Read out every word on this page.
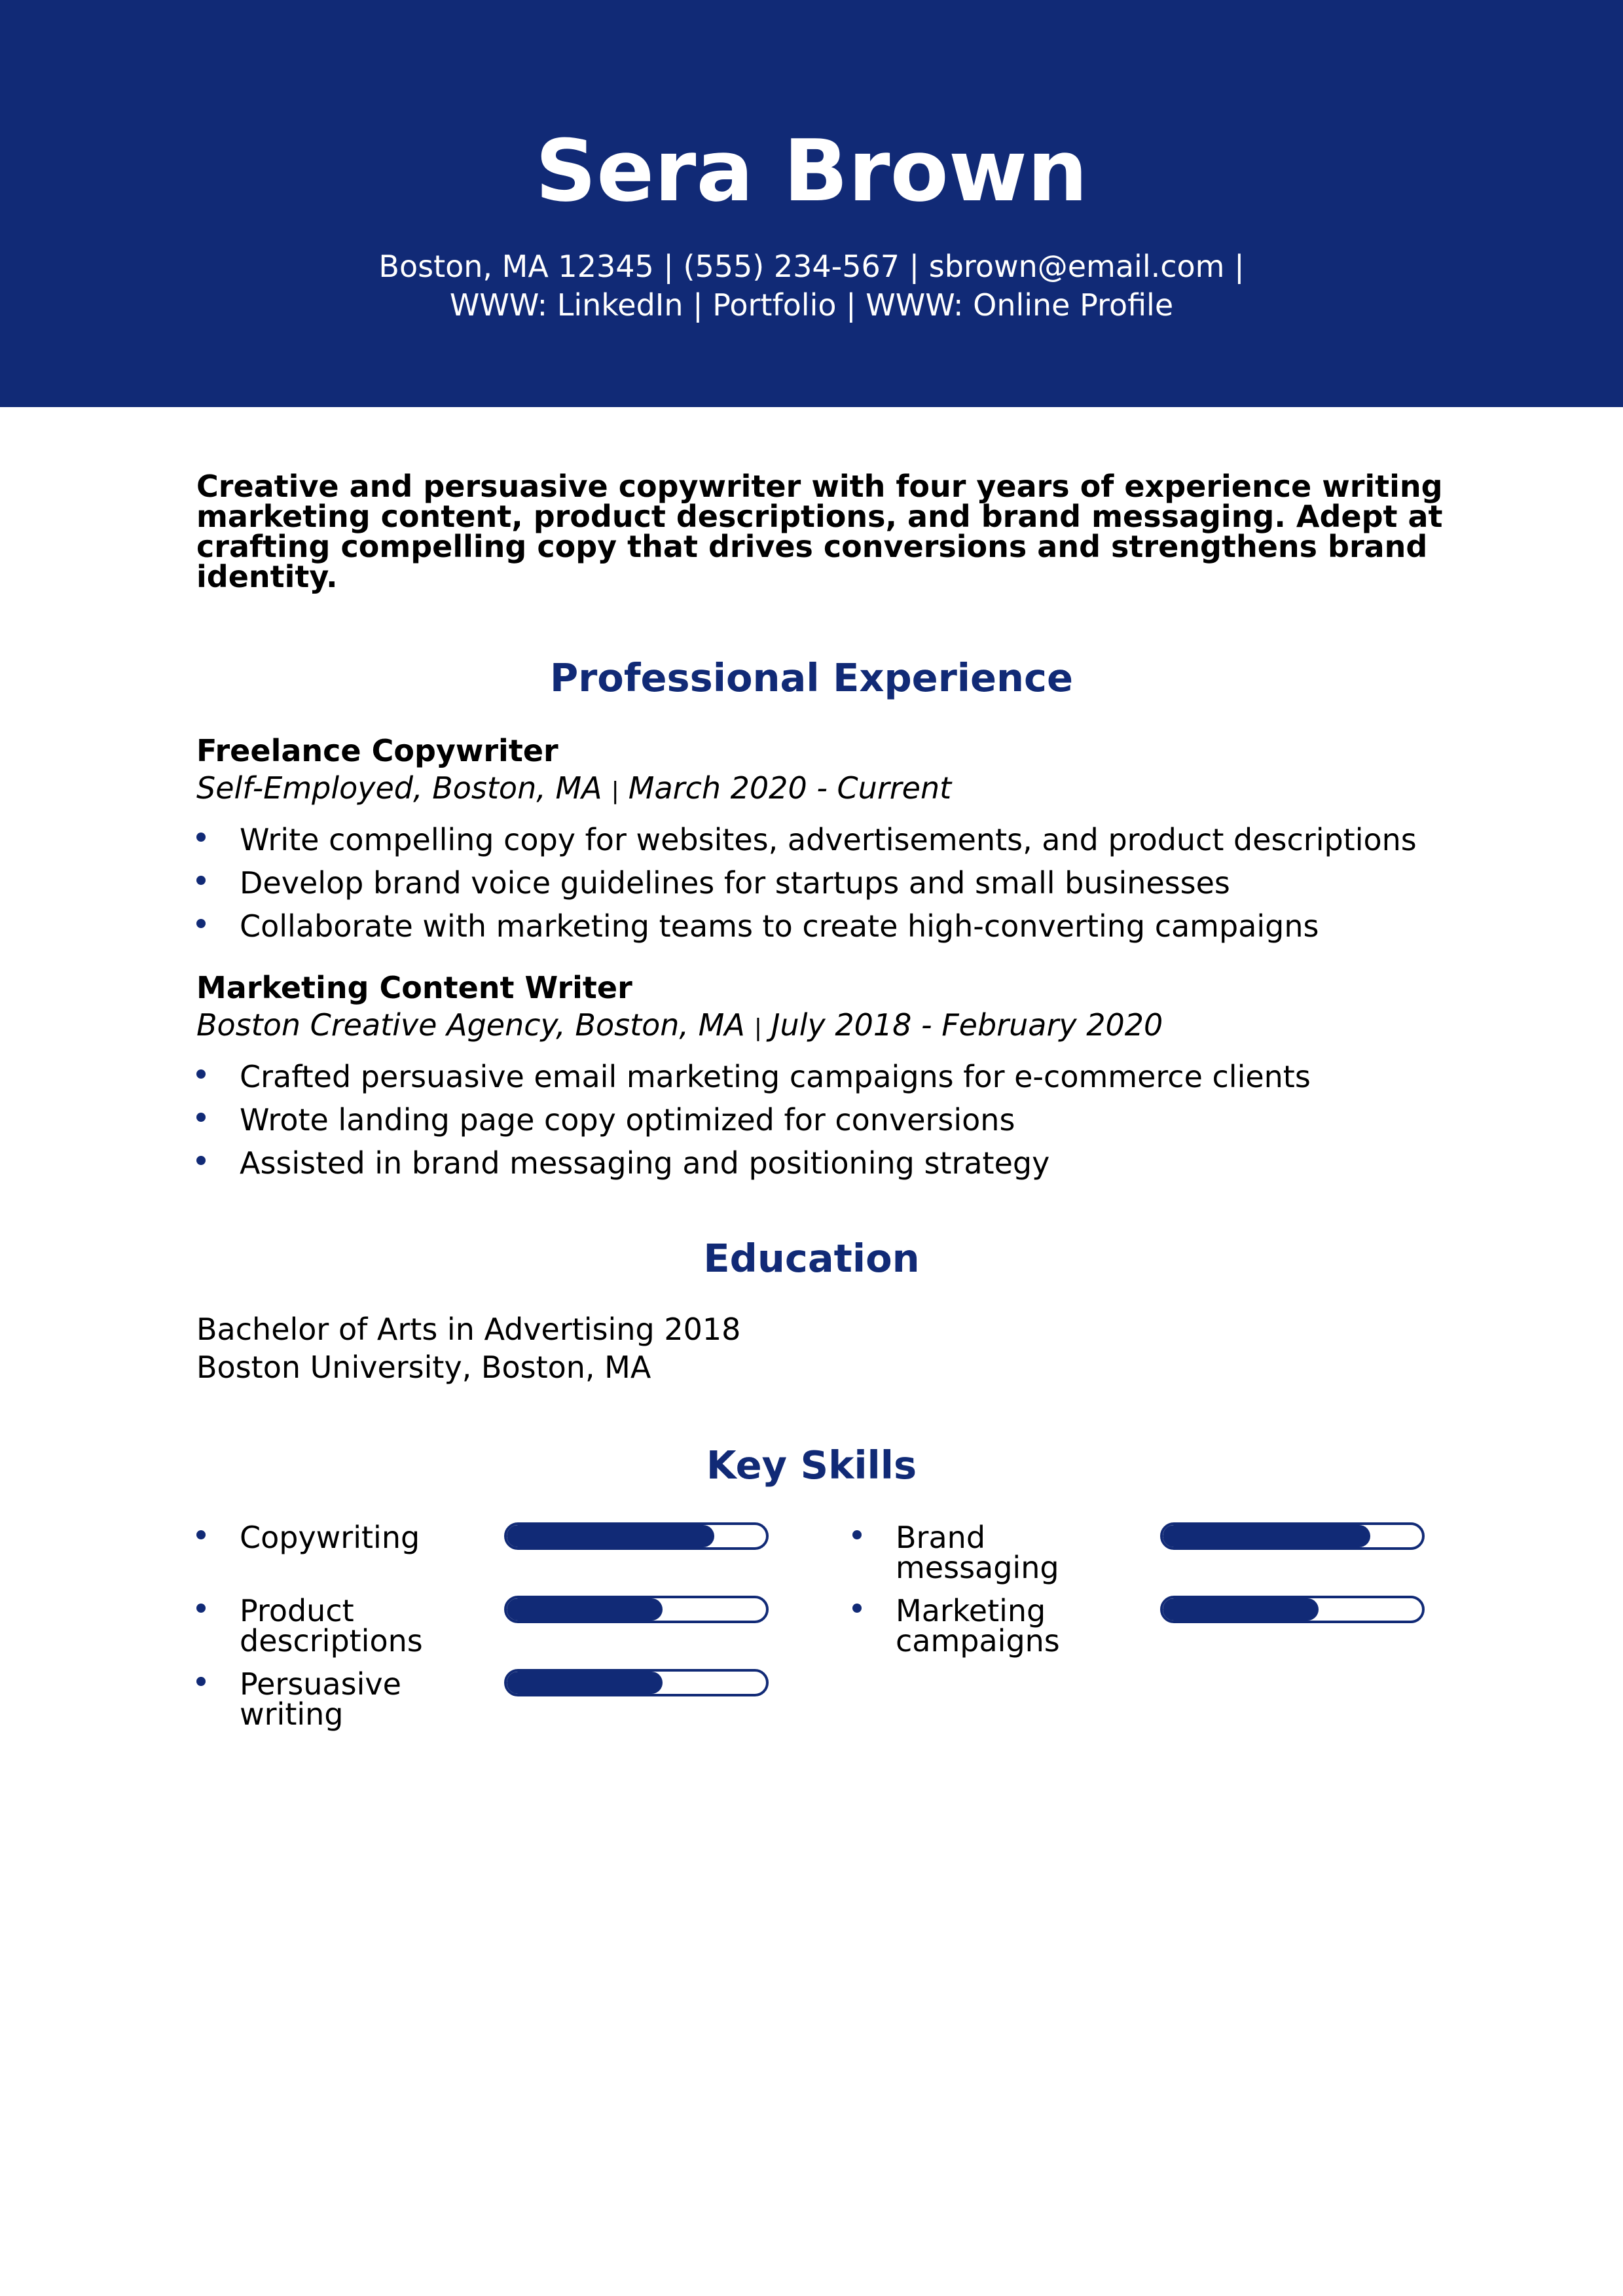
Sera Brown
Boston, MA 12345 | (555) 234-567 | sbrown@email.com |
WWW: LinkedIn | Portfolio | WWW: Online Profile
Creative and persuasive copywriter with four years of experience writing marketing content, product descriptions, and brand messaging. Adept at crafting compelling copy that drives conversions and strengthens brand identity.
Professional Experience
Freelance Copywriter
Self-Employed, Boston, MA | March 2020 - Current
Write compelling copy for websites, advertisements, and product descriptions
Develop brand voice guidelines for startups and small businesses
Collaborate with marketing teams to create high-converting campaigns
Marketing Content Writer
Boston Creative Agency, Boston, MA | July 2018 - February 2020
Crafted persuasive email marketing campaigns for e-commerce clients
Wrote landing page copy optimized for conversions
Assisted in brand messaging and positioning strategy
Education
Bachelor of Arts in Advertising 2018
Boston University, Boston, MA
Key Skills
Copywriting	Brand messaging
Product descriptions
Marketing campaigns
Persuasive writing
